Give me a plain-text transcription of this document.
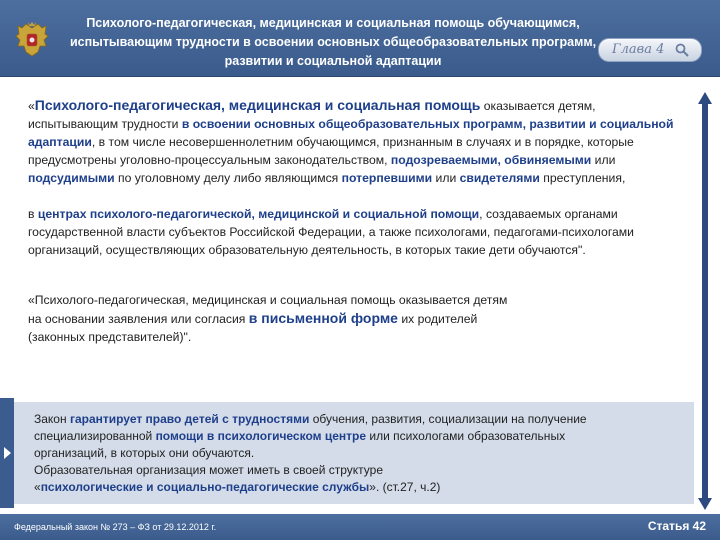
Психолого-педагогическая, медицинская и социальная помощь обучающимся,
испытывающим трудности в освоении основных общеобразовательных программ,
развитии и социальной адаптации
Глава 4

«Психолого-педагогическая, медицинская и социальная помощь оказывается детям, испытывающим трудности в освоении основных общеобразовательных программ, развитии и социальной адаптации, в том числе несовершеннолетним обучающимся, признанным в случаях и в порядке, которые предусмотрены уголовно-процессуальным законодательством, подозреваемыми, обвиняемыми или подсудимыми по уголовному делу либо являющимся потерпевшими или свидетелями преступления,

в центрах психолого-педагогической, медицинской и социальной помощи, создаваемых органами государственной власти субъектов Российской Федерации, а также психологами, педагогами-психологами организаций, осуществляющих образовательную деятельность, в которых такие дети обучаются".

«Психолого-педагогическая, медицинская и социальная помощь оказывается детям
на основании заявления или согласия в письменной форме их родителей
(законных представителей)".

Закон гарантирует право детей с трудностями обучения, развития, социализации на получение

специализированной помощи в психологическом центре или психологами образовательных

организаций, в которых они обучаются.

Образовательная организация может иметь в своей структуре

«психологические и социально-педагогические службы». (ст.27, ч.2)

Федеральный закон № 273 – ФЗ от 29.12.2012 г.	Статья 42
